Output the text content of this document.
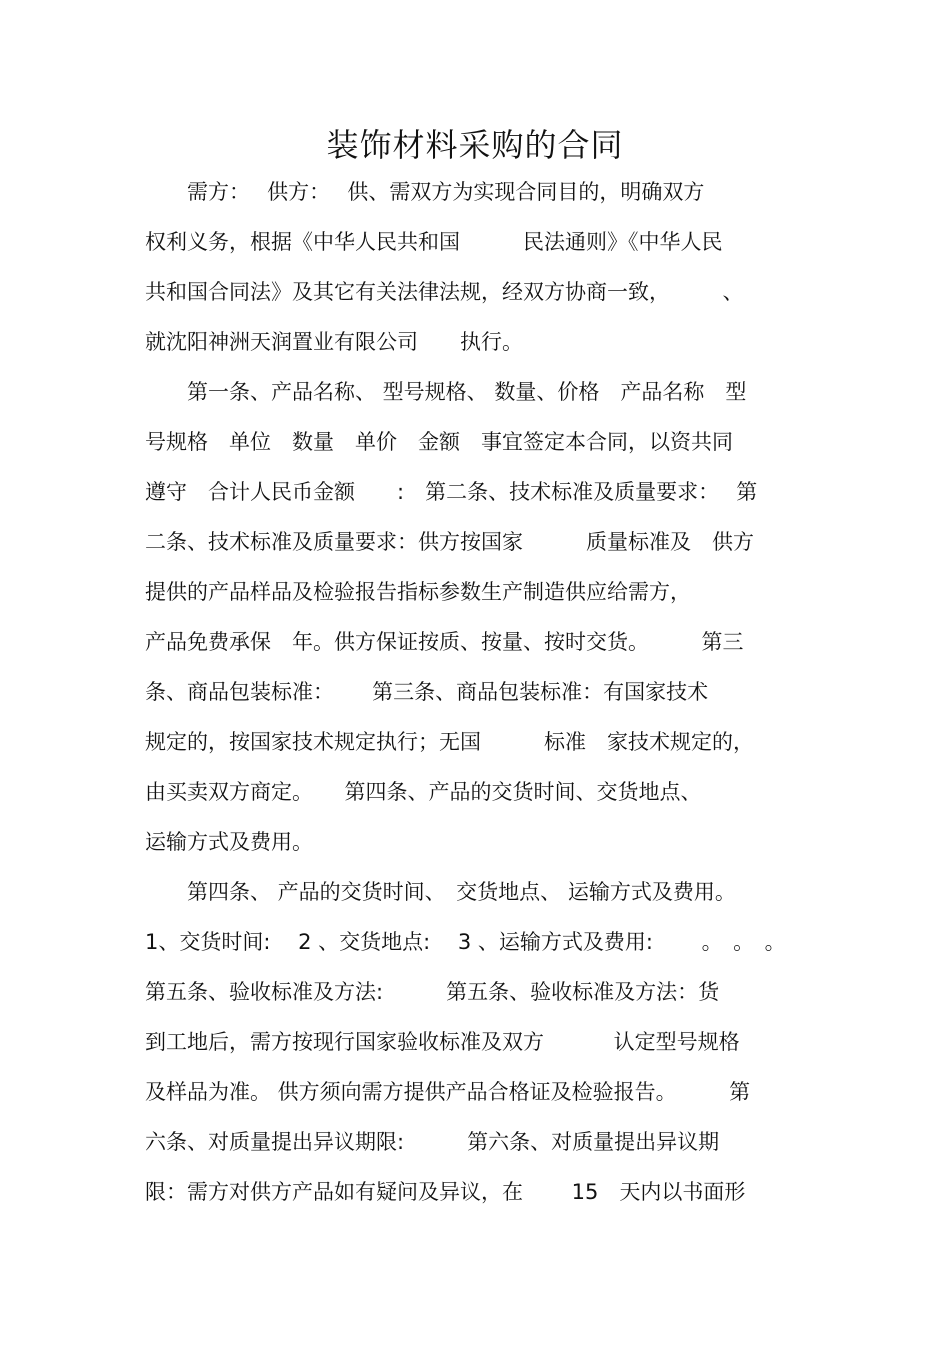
装饰材料采购的合同
　　需方：　 供方：　 供、需双方为实现合同目的，明确双方
权利义务，根据《中华人民共和国　　　民法通则》《中华人民
共和国合同法》及其它有关法律法规，经双方协商一致，　　　、
就沈阳神洲天润置业有限公司　　执行。
　　第一条、产品名称、 型号规格、 数量、价格　产品名称　型
号规格　单位　数量　单价　金额　事宜签定本合同，以资共同
遵守　合计人民币金额　　:　第二条、技术标准及质量要求：　 第
二条、技术标准及质量要求：供方按国家　　　质量标准及　供方
提供的产品样品及检验报告指标参数生产制造供应给需方，
产品免费承保　年。供方保证按质、按量、按时交货。　　　第三
条、商品包装标准：　　 第三条、商品包装标准：有国家技术
规定的，按国家技术规定执行；无国　　　标准　家技术规定的，
由买卖双方商定。　　第四条、产品的交货时间、交货地点、
运输方式及费用。
　　第四条、 产品的交货时间、　交货地点、 运输方式及费用。
1、交货时间:　 2 、交货地点:　 3 、运输方式及费用:　　 。　。　。
第五条、验收标准及方法:　　　第五条、验收标准及方法：货
到工地后，需方按现行国家验收标准及双方　　　 认定型号规格
及样品为准。 供方须向需方提供产品合格证及检验报告。　　　第
六条、对质量提出异议期限:　　　第六条、对质量提出异议期
限：需方对供方产品如有疑问及异议，在　　 15　天内以书面形
